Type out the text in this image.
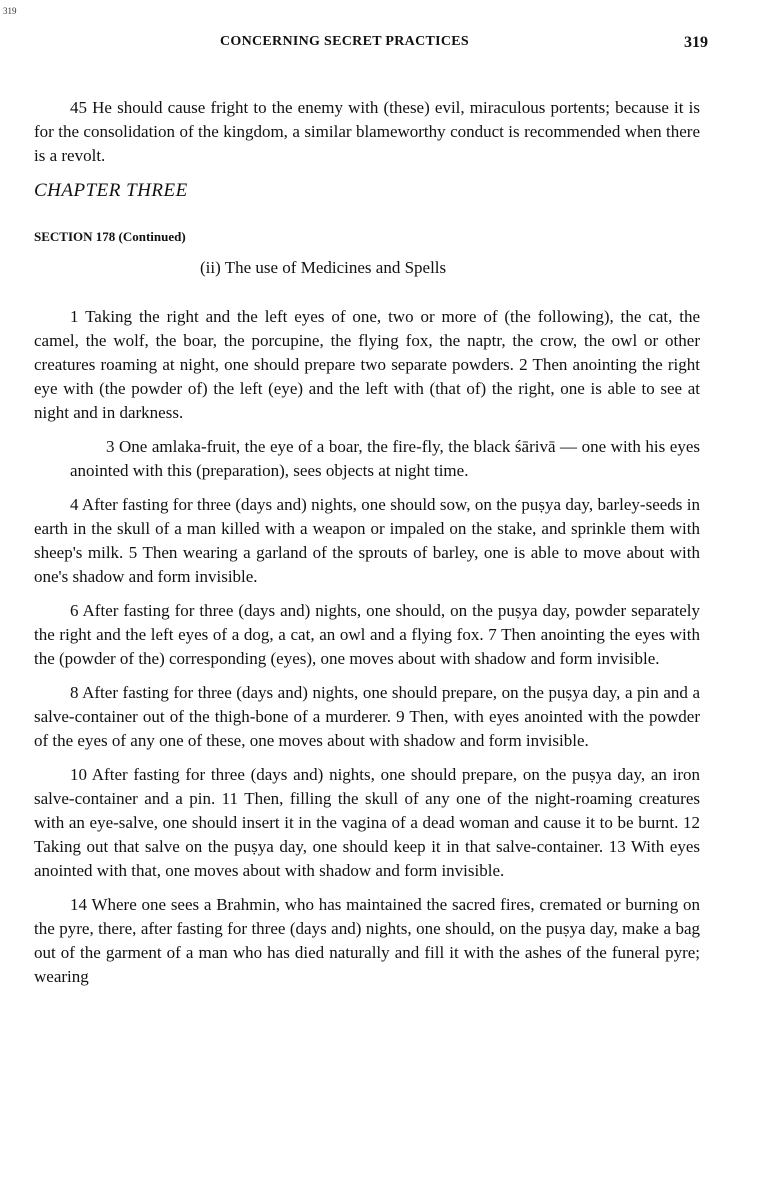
319
CONCERNING SECRET PRACTICES	319

45 He should cause fright to the enemy with (these) evil, miraculous portents; because it is for the consolidation of the kingdom, a similar blameworthy conduct is recommended when there is a revolt.

CHAPTER THREE
SECTION 178 (Continued)
(ii) The use of Medicines and Spells

1 Taking the right and the left eyes of one, two or more of (the following), the cat, the camel, the wolf, the boar, the porcupine, the flying fox, the naptr, the crow, the owl or other creatures roaming at night, one should prepare two separate powders. 2 Then anointing the right eye with (the powder of) the left (eye) and the left with (that of) the right, one is able to see at night and in darkness.

3 One amlaka-fruit, the eye of a boar, the fire-fly, the black śārivā — one with his eyes anointed with this (preparation), sees objects at night time.

4 After fasting for three (days and) nights, one should sow, on the puṣya day, barley-seeds in earth in the skull of a man killed with a weapon or impaled on the stake, and sprinkle them with sheep's milk. 5 Then wearing a garland of the sprouts of barley, one is able to move about with one's shadow and form invisible.

6 After fasting for three (days and) nights, one should, on the puṣya day, powder separately the right and the left eyes of a dog, a cat, an owl and a flying fox. 7 Then anointing the eyes with the (powder of the) corresponding (eyes), one moves about with shadow and form invisible.

8 After fasting for three (days and) nights, one should prepare, on the puṣya day, a pin and a salve-container out of the thigh-bone of a murderer. 9 Then, with eyes anointed with the powder of the eyes of any one of these, one moves about with shadow and form invisible.

10 After fasting for three (days and) nights, one should prepare, on the puṣya day, an iron salve-container and a pin. 11 Then, filling the skull of any one of the night-roaming creatures with an eye-salve, one should insert it in the vagina of a dead woman and cause it to be burnt. 12 Taking out that salve on the puṣya day, one should keep it in that salve-container. 13 With eyes anointed with that, one moves about with shadow and form invisible.

14 Where one sees a Brahmin, who has maintained the sacred fires, cremated or burning on the pyre, there, after fasting for three (days and) nights, one should, on the puṣya day, make a bag out of the garment of a man who has died naturally and fill it with the ashes of the funeral pyre; wearing
